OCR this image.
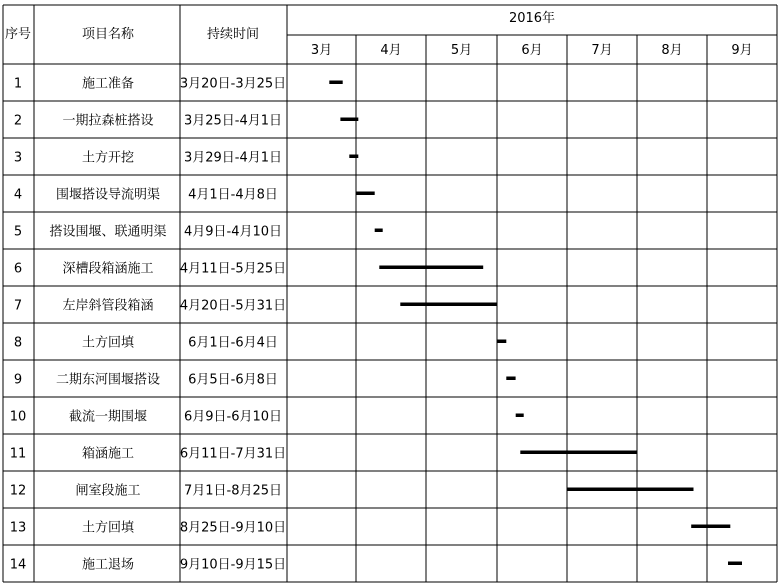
序号	项目名称	持续时间
2016年
3月	4月	5月	6月	7月	8月	9月
1	施工准备	3月20日-3月25日
2	一期拉森桩搭设 3月25日-4月1日
3	土方开挖	3月29日-4月1日
4	围堰搭设导流明渠 4月1日-4月8日
5 搭设围堰、联通明渠 4月9日-4月10日
6	深槽段箱涵施工 4月11日-5月25日
7	左岸斜管段箱涵 4月20日-5月31日
8	土方回填	6月1日-6月4日
9	二期东河围堰搭设 6月5日-6月8日
10	截流一期围堰	6月9日-6月10日
11	箱涵施工	6月11日-7月31日
12	闸室段施工	7月1日-8月25日
13	土方回填	8月25日-9月10日
14	施工退场	9月10日-9月15日
